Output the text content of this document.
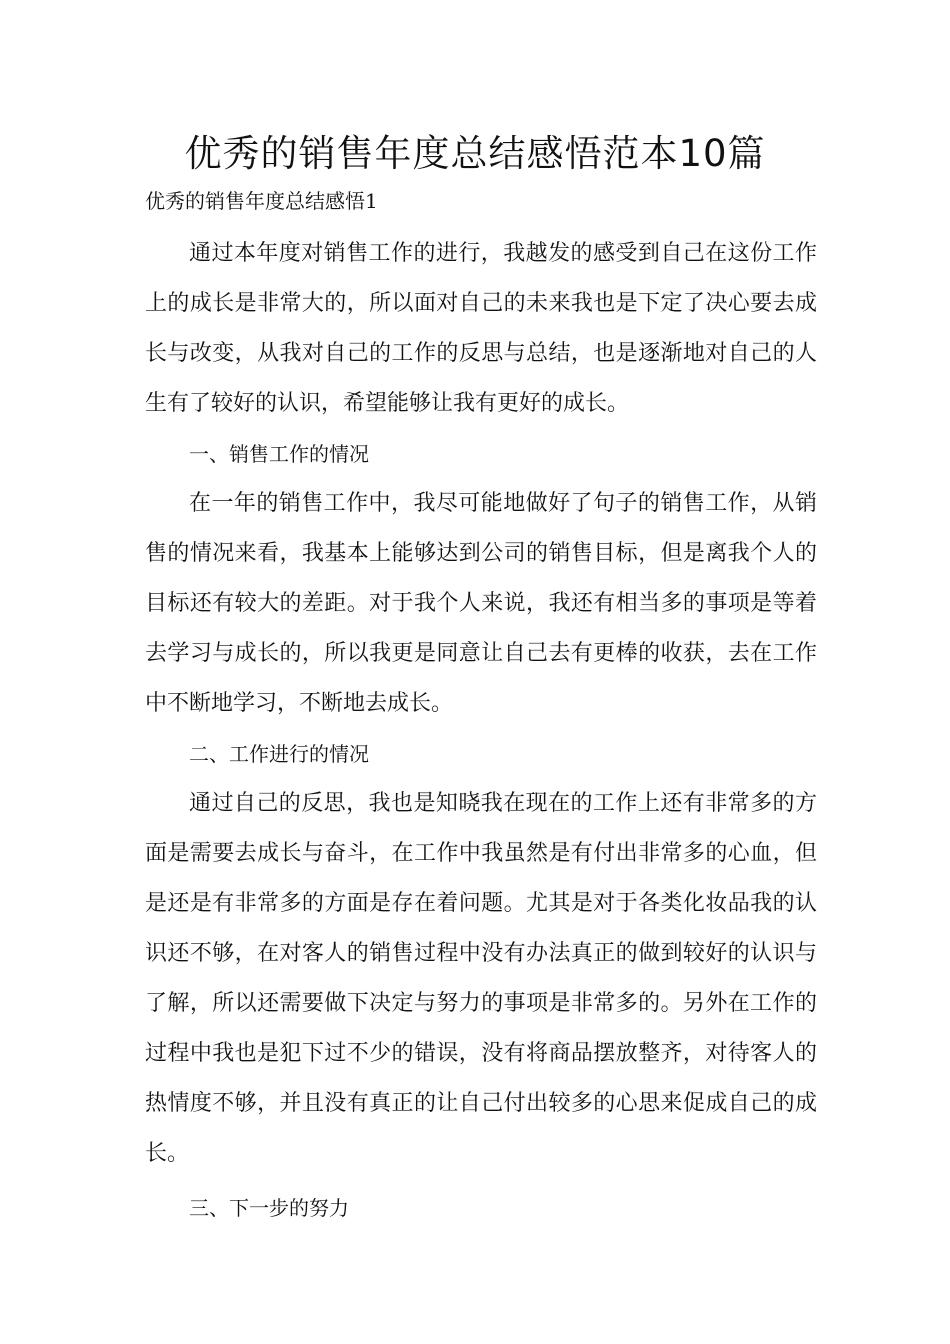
优秀的销售年度总结感悟范本10篇

优秀的销售年度总结感悟1

通过本年度对销售工作的进行，我越发的感受到自己在这份工作上的成长是非常大的，所以面对自己的未来我也是下定了决心要去成长与改变，从我对自己的工作的反思与总结，也是逐渐地对自己的人生有了较好的认识，希望能够让我有更好的成长。

一、销售工作的情况

在一年的销售工作中，我尽可能地做好了句子的销售工作，从销售的情况来看，我基本上能够达到公司的销售目标，但是离我个人的目标还有较大的差距。对于我个人来说，我还有相当多的事项是等着去学习与成长的，所以我更是同意让自己去有更棒的收获，去在工作中不断地学习，不断地去成长。

二、工作进行的情况

通过自己的反思，我也是知晓我在现在的工作上还有非常多的方面是需要去成长与奋斗，在工作中我虽然是有付出非常多的心血，但是还是有非常多的方面是存在着问题。尤其是对于各类化妆品我的认识还不够，在对客人的销售过程中没有办法真正的做到较好的认识与了解，所以还需要做下决定与努力的事项是非常多的。另外在工作的过程中我也是犯下过不少的错误，没有将商品摆放整齐，对待客人的热情度不够，并且没有真正的让自己付出较多的心思来促成自己的成长。

三、下一步的努力
